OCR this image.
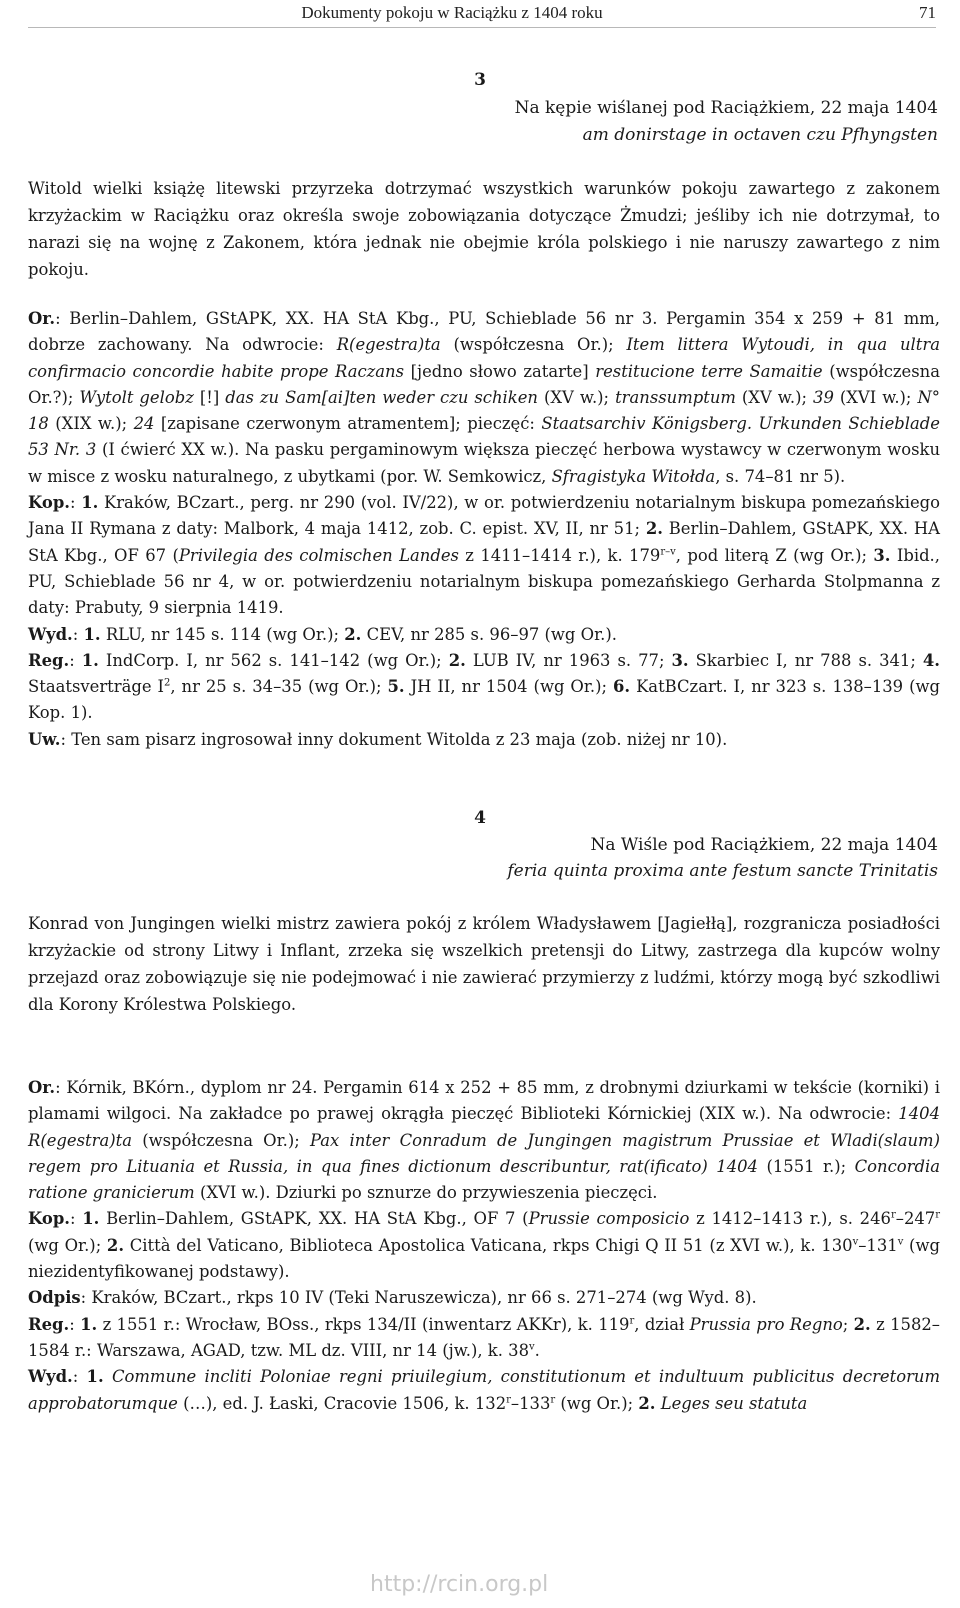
Dokumenty pokoju w Raciążku z 1404 roku	71
3
Na kępie wiślanej pod Raciążkiem, 22 maja 1404
am donirstage in octaven czu Pfhyngsten

Witold wielki książę litewski przyrzeka dotrzymać wszystkich warunków pokoju zawartego z zakonem krzyżackim w Raciążku oraz określa swoje zobowiązania dotyczące Żmudzi; jeśliby ich nie dotrzymał, to narazi się na wojnę z Zakonem, która jednak nie obejmie króla polskiego i nie naruszy zawartego z nim pokoju.

Or.: Berlin–Dahlem, GStAPK, XX. HA StA Kbg., PU, Schieblade 56 nr 3. Pergamin 354 x 259 + 81 mm, dobrze zachowany. Na odwrocie: R(egestra)ta (współczesna Or.); Item littera Wytoudi, in qua ultra confirmacio concordie habite prope Raczans [jedno słowo zatarte] restitucione terre Samaitie (współczesna Or.?); Wytolt gelobz [!] das zu Sam[ai]ten weder czu schiken (XV w.); transsumptum (XV w.); 39 (XVI w.); N° 18 (XIX w.); 24 [zapisane czerwonym atramentem]; pieczęć: Staatsarchiv Königsberg. Urkunden Schieblade 53 Nr. 3 (I ćwierć XX w.). Na pasku pergaminowym większa pieczęć herbowa wystawcy w czerwonym wosku w misce z wosku naturalnego, z ubytkami (por. W. Semkowicz, Sfragistyka Witołda, s. 74–81 nr 5).

Kop.: 1. Kraków, BCzart., perg. nr 290 (vol. IV/22), w or. potwierdzeniu notarialnym biskupa pomezańskiego Jana II Rymana z daty: Malbork, 4 maja 1412, zob. C. epist. XV, II, nr 51; 2. Berlin–Dahlem, GStAPK, XX. HA StA Kbg., OF 67 (Privilegia des colmischen Landes z 1411–1414 r.), k. 179$^{r-v}$, pod literą Z (wg Or.); 3. Ibid., PU, Schieblade 56 nr 4, w or. potwierdzeniu notarialnym biskupa pomezańskiego Gerharda Stolpmanna z daty: Prabuty, 9 sierpnia 1419.

Wyd.: 1. RLU, nr 145 s. 114 (wg Or.); 2. CEV, nr 285 s. 96–97 (wg Or.).

Reg.: 1. IndCorp. I, nr 562 s. 141–142 (wg Or.); 2. LUB IV, nr 1963 s. 77; 3. Skarbiec I, nr 788 s. 341; 4. Staatsverträge $I^2$, nr 25 s. 34–35 (wg Or.); 5. JH II, nr 1504 (wg Or.); 6. KatBCzart. I, nr 323 s. 138–139 (wg Kop. 1).

Uw.: Ten sam pisarz ingrosował inny dokument Witolda z 23 maja (zob. niżej nr 10).

4
Na Wiśle pod Raciążkiem, 22 maja 1404
feria quinta proxima ante festum sancte Trinitatis

Konrad von Jungingen wielki mistrz zawiera pokój z królem Władysławem [Jagiełłą], rozgranicza posiadłości krzyżackie od strony Litwy i Inflant, zrzeka się wszelkich pretensji do Litwy, zastrzega dla kupców wolny przejazd oraz zobowiązuje się nie podejmować i nie zawierać przymierzy z ludźmi, którzy mogą być szkodliwi dla Korony Królestwa Polskiego.

Or.: Kórnik, BKórn., dyplom nr 24. Pergamin 614 x 252 + 85 mm, z drobnymi dziurkami w tekście (korniki) i plamami wilgoci. Na zakładce po prawej okrągła pieczęć Biblioteki Kórnickiej (XIX w.). Na odwrocie: 1404 R(egestra)ta (współczesna Or.); Pax inter Conradum de Jungingen magistrum Prussiae et Wladi(slaum) regem pro Lituania et Russia, in qua fines dictionum describuntur, rat(ificato) 1404 (1551 r.); Concordia ratione granicierum (XVI w.). Dziurki po sznurze do przywieszenia pieczęci.

Kop.: 1. Berlin–Dahlem, GStAPK, XX. HA StA Kbg., OF 7 (Prussie composicio z 1412–1413 r.), s. 246$^r$–247$^r$ (wg Or.); 2. Città del Vaticano, Biblioteca Apostolica Vaticana, rkps Chigi Q II 51 (z XVI w.), k. 130$^v$–131$^v$ (wg niezidentyfikowanej podstawy).

Odpis: Kraków, BCzart., rkps 10 IV (Teki Naruszewicza), nr 66 s. 271–274 (wg Wyd. 8).

Reg.: 1. z 1551 r.: Wrocław, BOss., rkps 134/II (inwentarz AKKr), k. 119$^r$, dział Prussia pro Regno; 2. z 1582–1584 r.: Warszawa, AGAD, tzw. ML dz. VIII, nr 14 (jw.), k. 38$^v$.

Wyd.: 1. Commune incliti Poloniae regni priuilegium, constitutionum et indultuum publicitus decretorum approbatorumque (…), ed. J. Łaski, Cracovie 1506, k. 132$^r$–133$^r$ (wg Or.); 2. Leges seu statuta

http://rcin.org.pl
